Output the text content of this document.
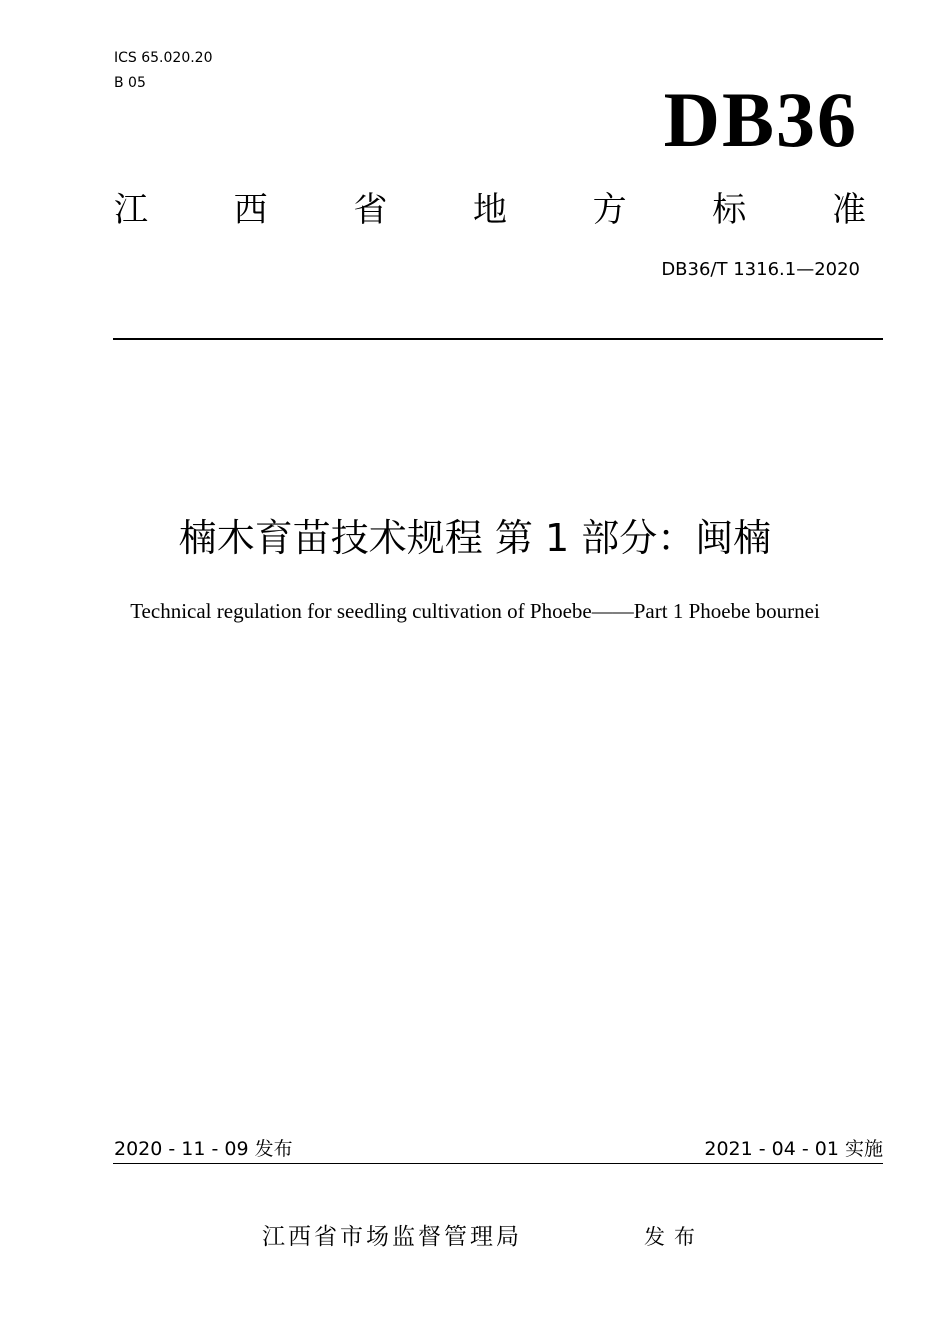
ICS 65.020.20
B 05	DB36
江	西	省	地	方	标	准
DB36/T 1316.1—2020
楠木育苗技术规程 第 1 部分：闽楠
Technical regulation for seedling cultivation of Phoebe——Part 1 Phoebe bournei
2020 - 11 - 09 发布	2021 - 04 - 01 实施
江西省市场监督管理局	发布
